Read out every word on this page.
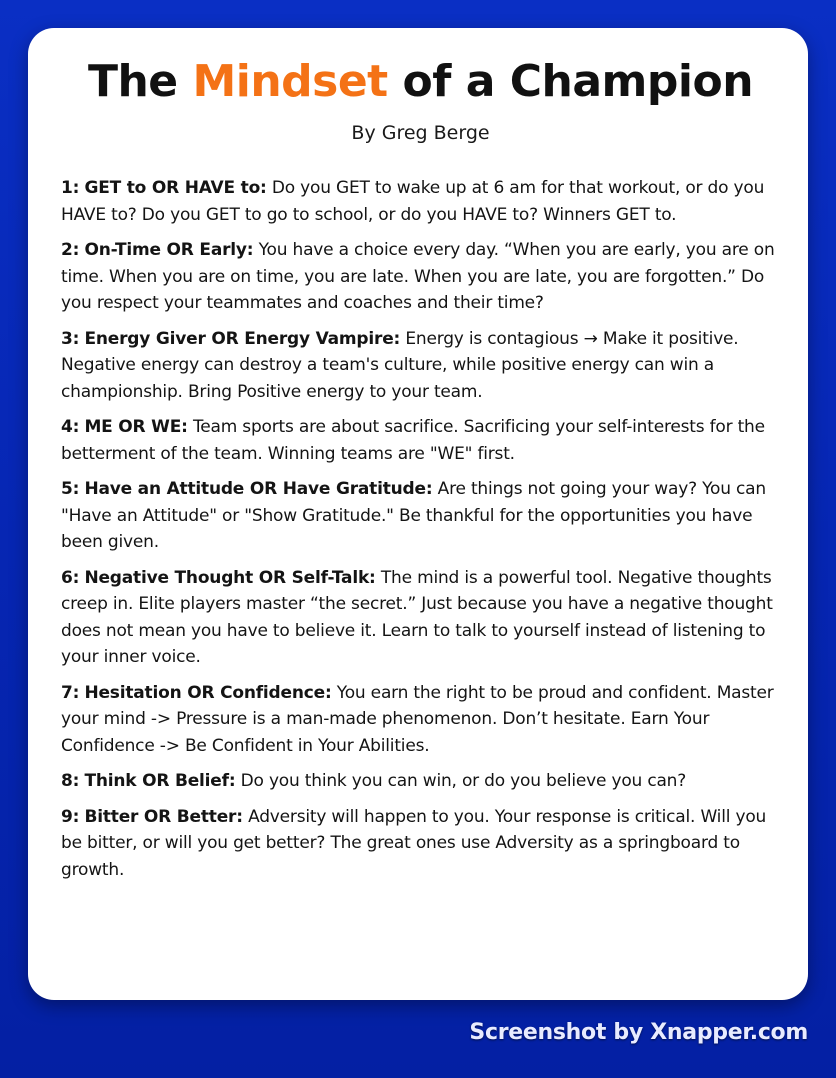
The Mindset of a Champion
By Greg Berge
1: GET to OR HAVE to: Do you GET to wake up at 6 am for that workout, or do you HAVE to? Do you GET to go to school, or do you HAVE to? Winners GET to.
2: On-Time OR Early: You have a choice every day. “When you are early, you are on time. When you are on time, you are late. When you are late, you are forgotten.” Do you respect your teammates and coaches and their time?
3: Energy Giver OR Energy Vampire: Energy is contagious → Make it positive. Negative energy can destroy a team's culture, while positive energy can win a championship. Bring Positive energy to your team.
4: ME OR WE: Team sports are about sacrifice. Sacrificing your self-interests for the betterment of the team. Winning teams are "WE" first.
5: Have an Attitude OR Have Gratitude: Are things not going your way? You can "Have an Attitude" or "Show Gratitude." Be thankful for the opportunities you have been given.
6: Negative Thought OR Self-Talk: The mind is a powerful tool. Negative thoughts creep in. Elite players master “the secret.” Just because you have a negative thought does not mean you have to believe it. Learn to talk to yourself instead of listening to your inner voice.
7: Hesitation OR Confidence: You earn the right to be proud and confident. Master your mind -> Pressure is a man-made phenomenon. Don’t hesitate. Earn Your Confidence -> Be Confident in Your Abilities.
8: Think OR Belief: Do you think you can win, or do you believe you can?
9: Bitter OR Better: Adversity will happen to you. Your response is critical. Will you be bitter, or will you get better? The great ones use Adversity as a springboard to growth.
Screenshot by Xnapper.com
